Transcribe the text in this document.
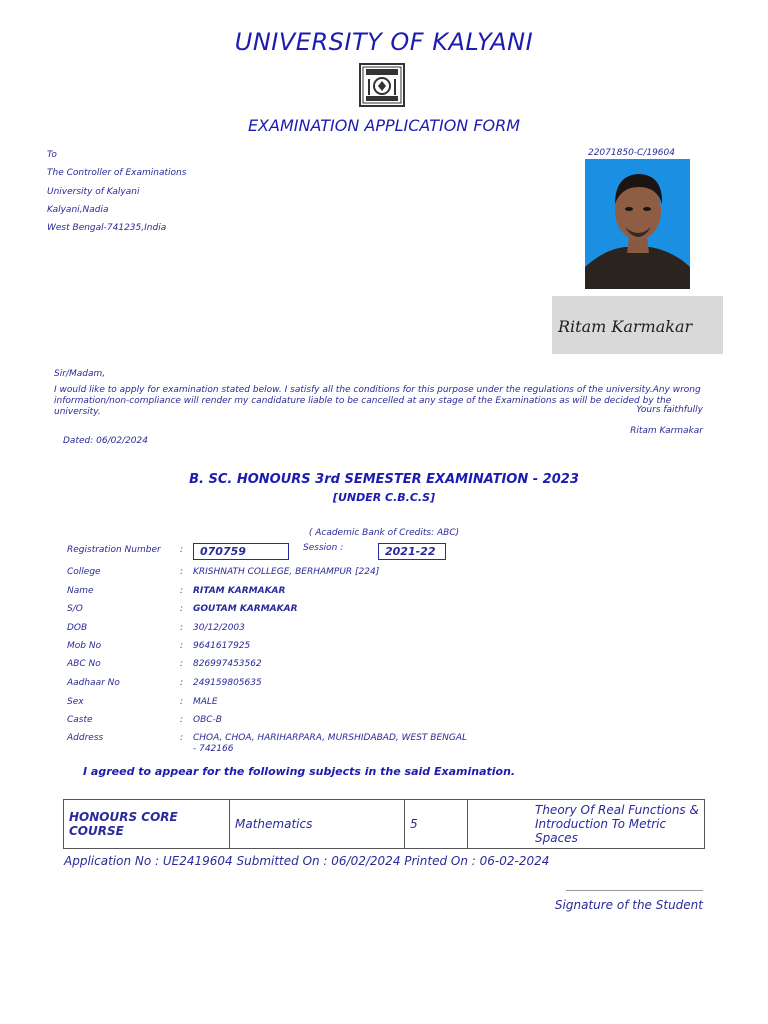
UNIVERSITY OF KALYANI
EXAMINATION APPLICATION FORM
To
The Controller of Examinations
University of Kalyani
Kalyani,Nadia
West Bengal-741235,India
22071850-C/19604
Ritam Karmakar
Sir/Madam,
I would like to apply for examination stated below. I satisfy all the conditions for this purpose under the regulations of the university.Any wrong information/non-compliance will render my candidature liable to be cancelled at any stage of the Examinations as will be decided by the university.	Yours faithfully
Ritam Karmakar
Dated: 06/02/2024
B. SC. HONOURS 3rd SEMESTER EXAMINATION - 2023
[UNDER C.B.C.S]
( Academic Bank of Credits: ABC)
Registration Number :	070759	Session :	2021-22
College	: KRISHNATH COLLEGE, BERHAMPUR [224]
Name	: RITAM KARMAKAR
S/O	: GOUTAM KARMAKAR
DOB	: 30/12/2003
Mob No	: 9641617925
ABC No	: 826997453562
Aadhaar No	: 249159805635
Sex	: MALE
Caste	: OBC-B
Address	: CHOA, CHOA, HARIHARPARA, MURSHIDABAD, WEST BENGAL
- 742166
I agreed to appear for the following subjects in the said Examination.
HONOURS CORE COURSE	Mathematics	5
Theory Of Real Functions &
Introduction To Metric Spaces
Application No : UE2419604 Submitted On : 06/02/2024 Printed On : 06-02-2024
Signature of the Student
